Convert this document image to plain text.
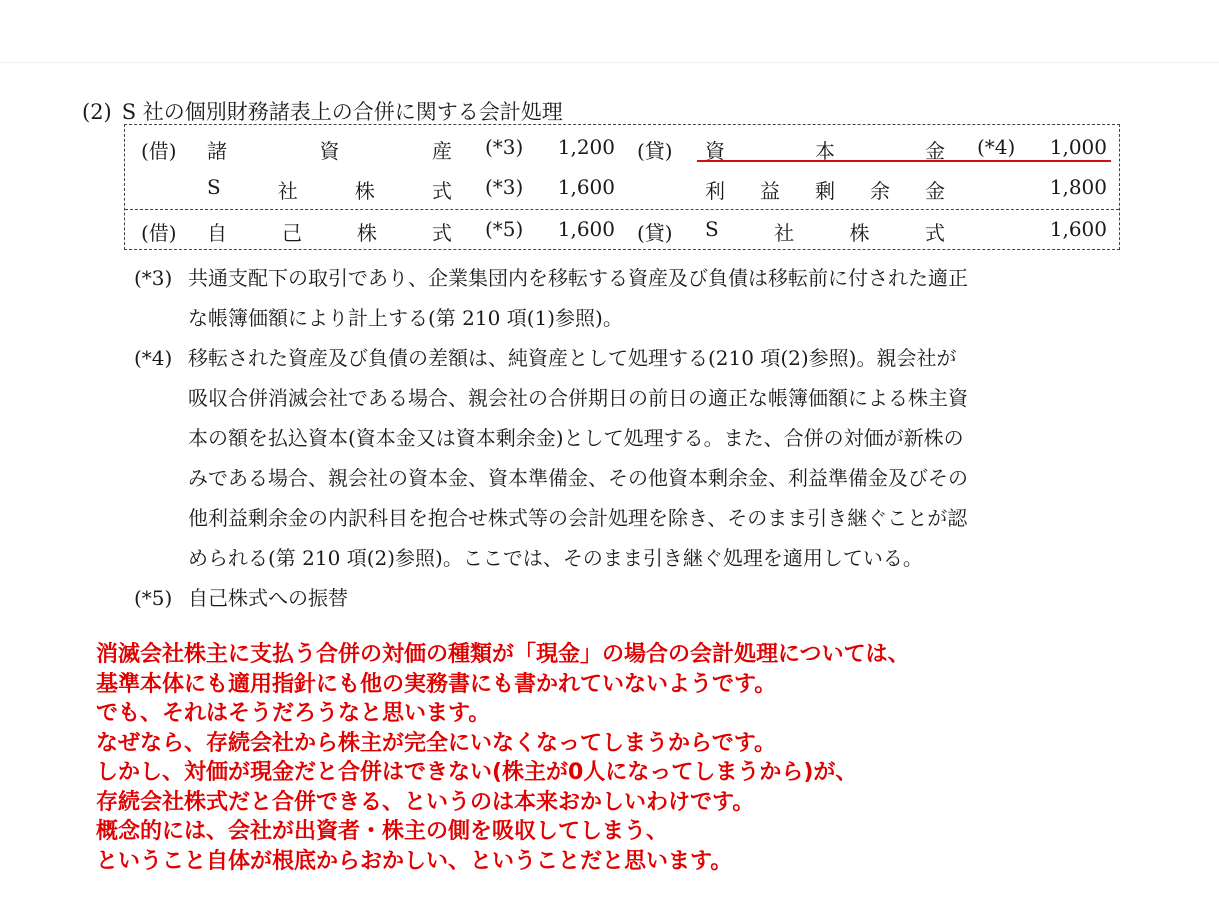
(2) S 社の個別財務諸表上の合併に関する会計処理
(借) 諸	資	産 (*3)	1,200 (貸) 資	本	金 (*4)	1,000
S	社	株	式 (*3)	1,600	利 益 剰 余 金	1,800
(借) 自	己	株	式 (*5)	1,600 (貸) S	社	株	式	1,600
(*3) 共通支配下の取引であり、企業集団内を移転する資産及び負債は移転前に付された適正
な帳簿価額により計上する(第 210 項(1)参照)。
(*4) 移転された資産及び負債の差額は、純資産として処理する(210 項(2)参照)。親会社が
吸収合併消滅会社である場合、親会社の合併期日の前日の適正な帳簿価額による株主資
本の額を払込資本(資本金又は資本剰余金)として処理する。また、合併の対価が新株の
みである場合、親会社の資本金、資本準備金、その他資本剰余金、利益準備金及びその
他利益剰余金の内訳科目を抱合せ株式等の会計処理を除き、そのまま引き継ぐことが認
められる(第 210 項(2)参照)。ここでは、そのまま引き継ぐ処理を適用している。
(*5) 自己株式への振替
消滅会社株主に支払う合併の対価の種類が「現金」の場合の会計処理については、
基準本体にも適用指針にも他の実務書にも書かれていないようです。
でも、それはそうだろうなと思います。
なぜなら、存続会社から株主が完全にいなくなってしまうからです。
しかし、対価が現金だと合併はできない(株主が0人になってしまうから)が、
存続会社株式だと合併できる、というのは本来おかしいわけです。
概念的には、会社が出資者・株主の側を吸収してしまう、
ということ自体が根底からおかしい、ということだと思います。
